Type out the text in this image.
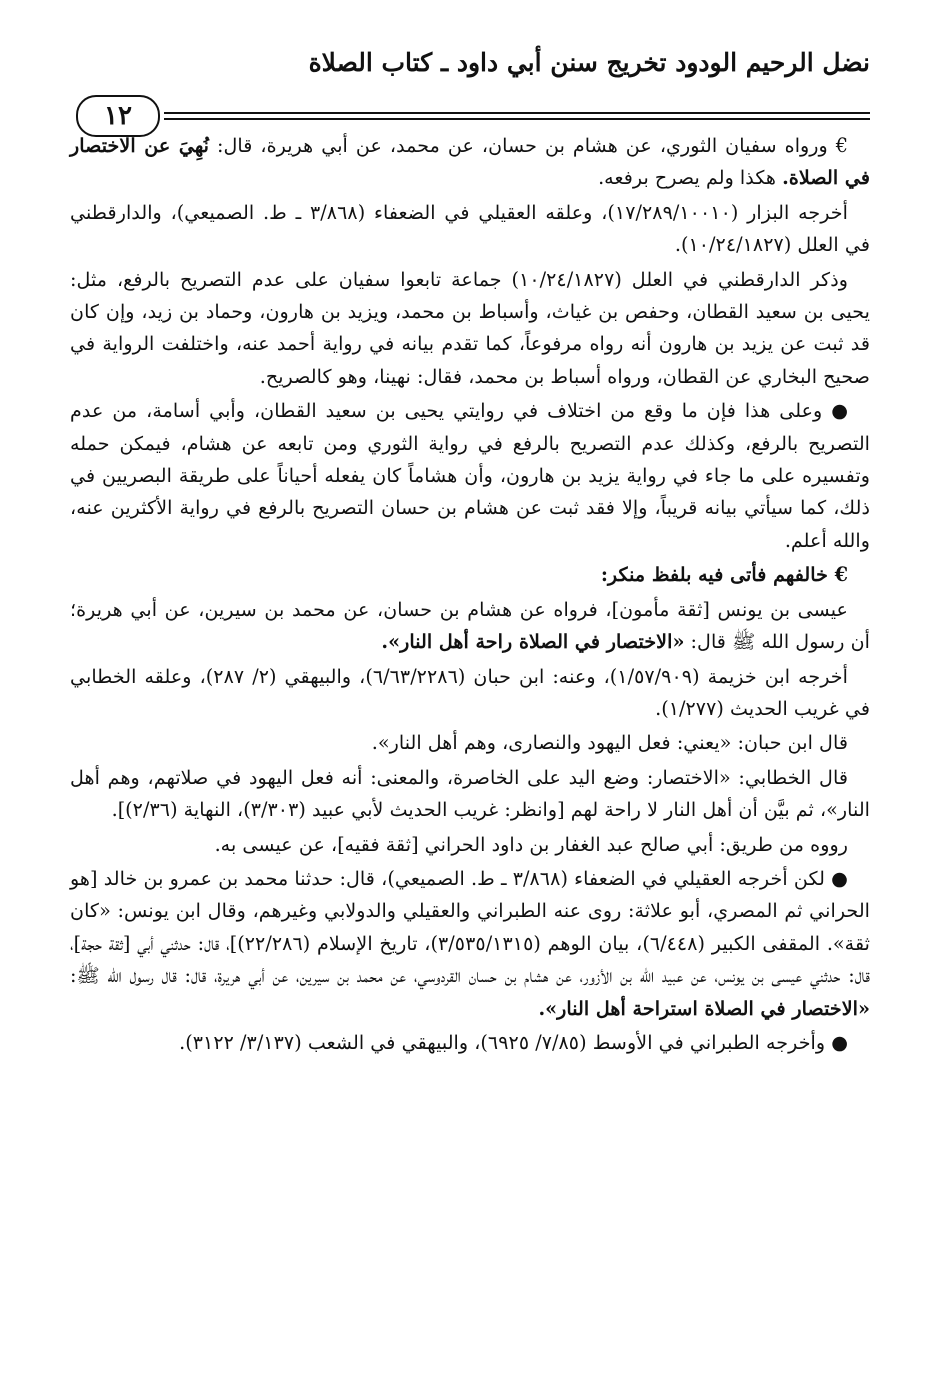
نضل الرحيم الودود تخريج سنن أبي داود ـ كتاب الصلاة
١٢

€ ورواه سفيان الثوري، عن هشام بن حسان، عن محمد، عن أبي هريرة، قال: نُهِيَ عن الاختصار في الصلاة. هكذا ولم يصرح برفعه.

أخرجه البزار (١٧/٢٨٩/١٠٠١٠)، وعلقه العقيلي في الضعفاء (٣/٨٦٨ ـ ط. الصميعي)، والدارقطني في العلل (١٠/٢٤/١٨٢٧).

وذكر الدارقطني في العلل (١٠/٢٤/١٨٢٧) جماعة تابعوا سفيان على عدم التصريح بالرفع، مثل: يحيى بن سعيد القطان، وحفص بن غياث، وأسباط بن محمد، ويزيد بن هارون، وحماد بن زيد، وإن كان قد ثبت عن يزيد بن هارون أنه رواه مرفوعاً، كما تقدم بيانه في رواية أحمد عنه، واختلفت الرواية في صحيح البخاري عن القطان، ورواه أسباط بن محمد، فقال: نهينا، وهو كالصريح.

● وعلى هذا فإن ما وقع من اختلاف في روايتي يحيى بن سعيد القطان، وأبي أسامة، من عدم التصريح بالرفع، وكذلك عدم التصريح بالرفع في رواية الثوري ومن تابعه عن هشام، فيمكن حمله وتفسيره على ما جاء في رواية يزيد بن هارون، وأن هشاماً كان يفعله أحياناً على طريقة البصريين في ذلك، كما سيأتي بيانه قريباً، وإلا فقد ثبت عن هشام بن حسان التصريح بالرفع في رواية الأكثرين عنه، والله أعلم.

€ خالفهم فأتى فيه بلفظ منكر:

عيسى بن يونس [ثقة مأمون]، فرواه عن هشام بن حسان، عن محمد بن سيرين، عن أبي هريرة؛ أن رسول الله ﷺ قال: «الاختصار في الصلاة راحة أهل النار».

أخرجه ابن خزيمة (١/٥٧/٩٠٩)، وعنه: ابن حبان (٦/٦٣/٢٢٨٦)، والبيهقي (٢/ ٢٨٧)، وعلقه الخطابي في غريب الحديث (١/٢٧٧).

قال ابن حبان: «يعني: فعل اليهود والنصارى، وهم أهل النار».

قال الخطابي: «الاختصار: وضع اليد على الخاصرة، والمعنى: أنه فعل اليهود في صلاتهم، وهم أهل النار»، ثم بيَّن أن أهل النار لا راحة لهم [وانظر: غريب الحديث لأبي عبيد (٣/٣٠٣)، النهاية (٢/٣٦)].

رووه من طريق: أبي صالح عبد الغفار بن داود الحراني [ثقة فقيه]، عن عيسى به.

● لكن أخرجه العقيلي في الضعفاء (٣/٨٦٨ ـ ط. الصميعي)، قال: حدثنا محمد بن عمرو بن خالد [هو الحراني ثم المصري، أبو علاثة: روى عنه الطبراني والعقيلي والدولابي وغيرهم، وقال ابن يونس: «كان ثقة». المقفى الكبير (٦/٤٤٨)، بيان الوهم (٣/٥٣٥/١٣١٥)، تاريخ الإسلام (٢٢/٢٨٦)]، قال: حدثني أبي [ثقة حجة]، قال: حدثني عيسى بن يونس، عن عبيد الله بن الأزور، عن هشام بن حسان القردوسي، عن محمد بن سيرين، عن أبي هريرة، قال: قال رسول الله ﷺ: «الاختصار في الصلاة استراحة أهل النار».

● وأخرجه الطبراني في الأوسط (٧/٨٥/ ٦٩٢٥)، والبيهقي في الشعب (٣/١٣٧/ ٣١٢٢).
